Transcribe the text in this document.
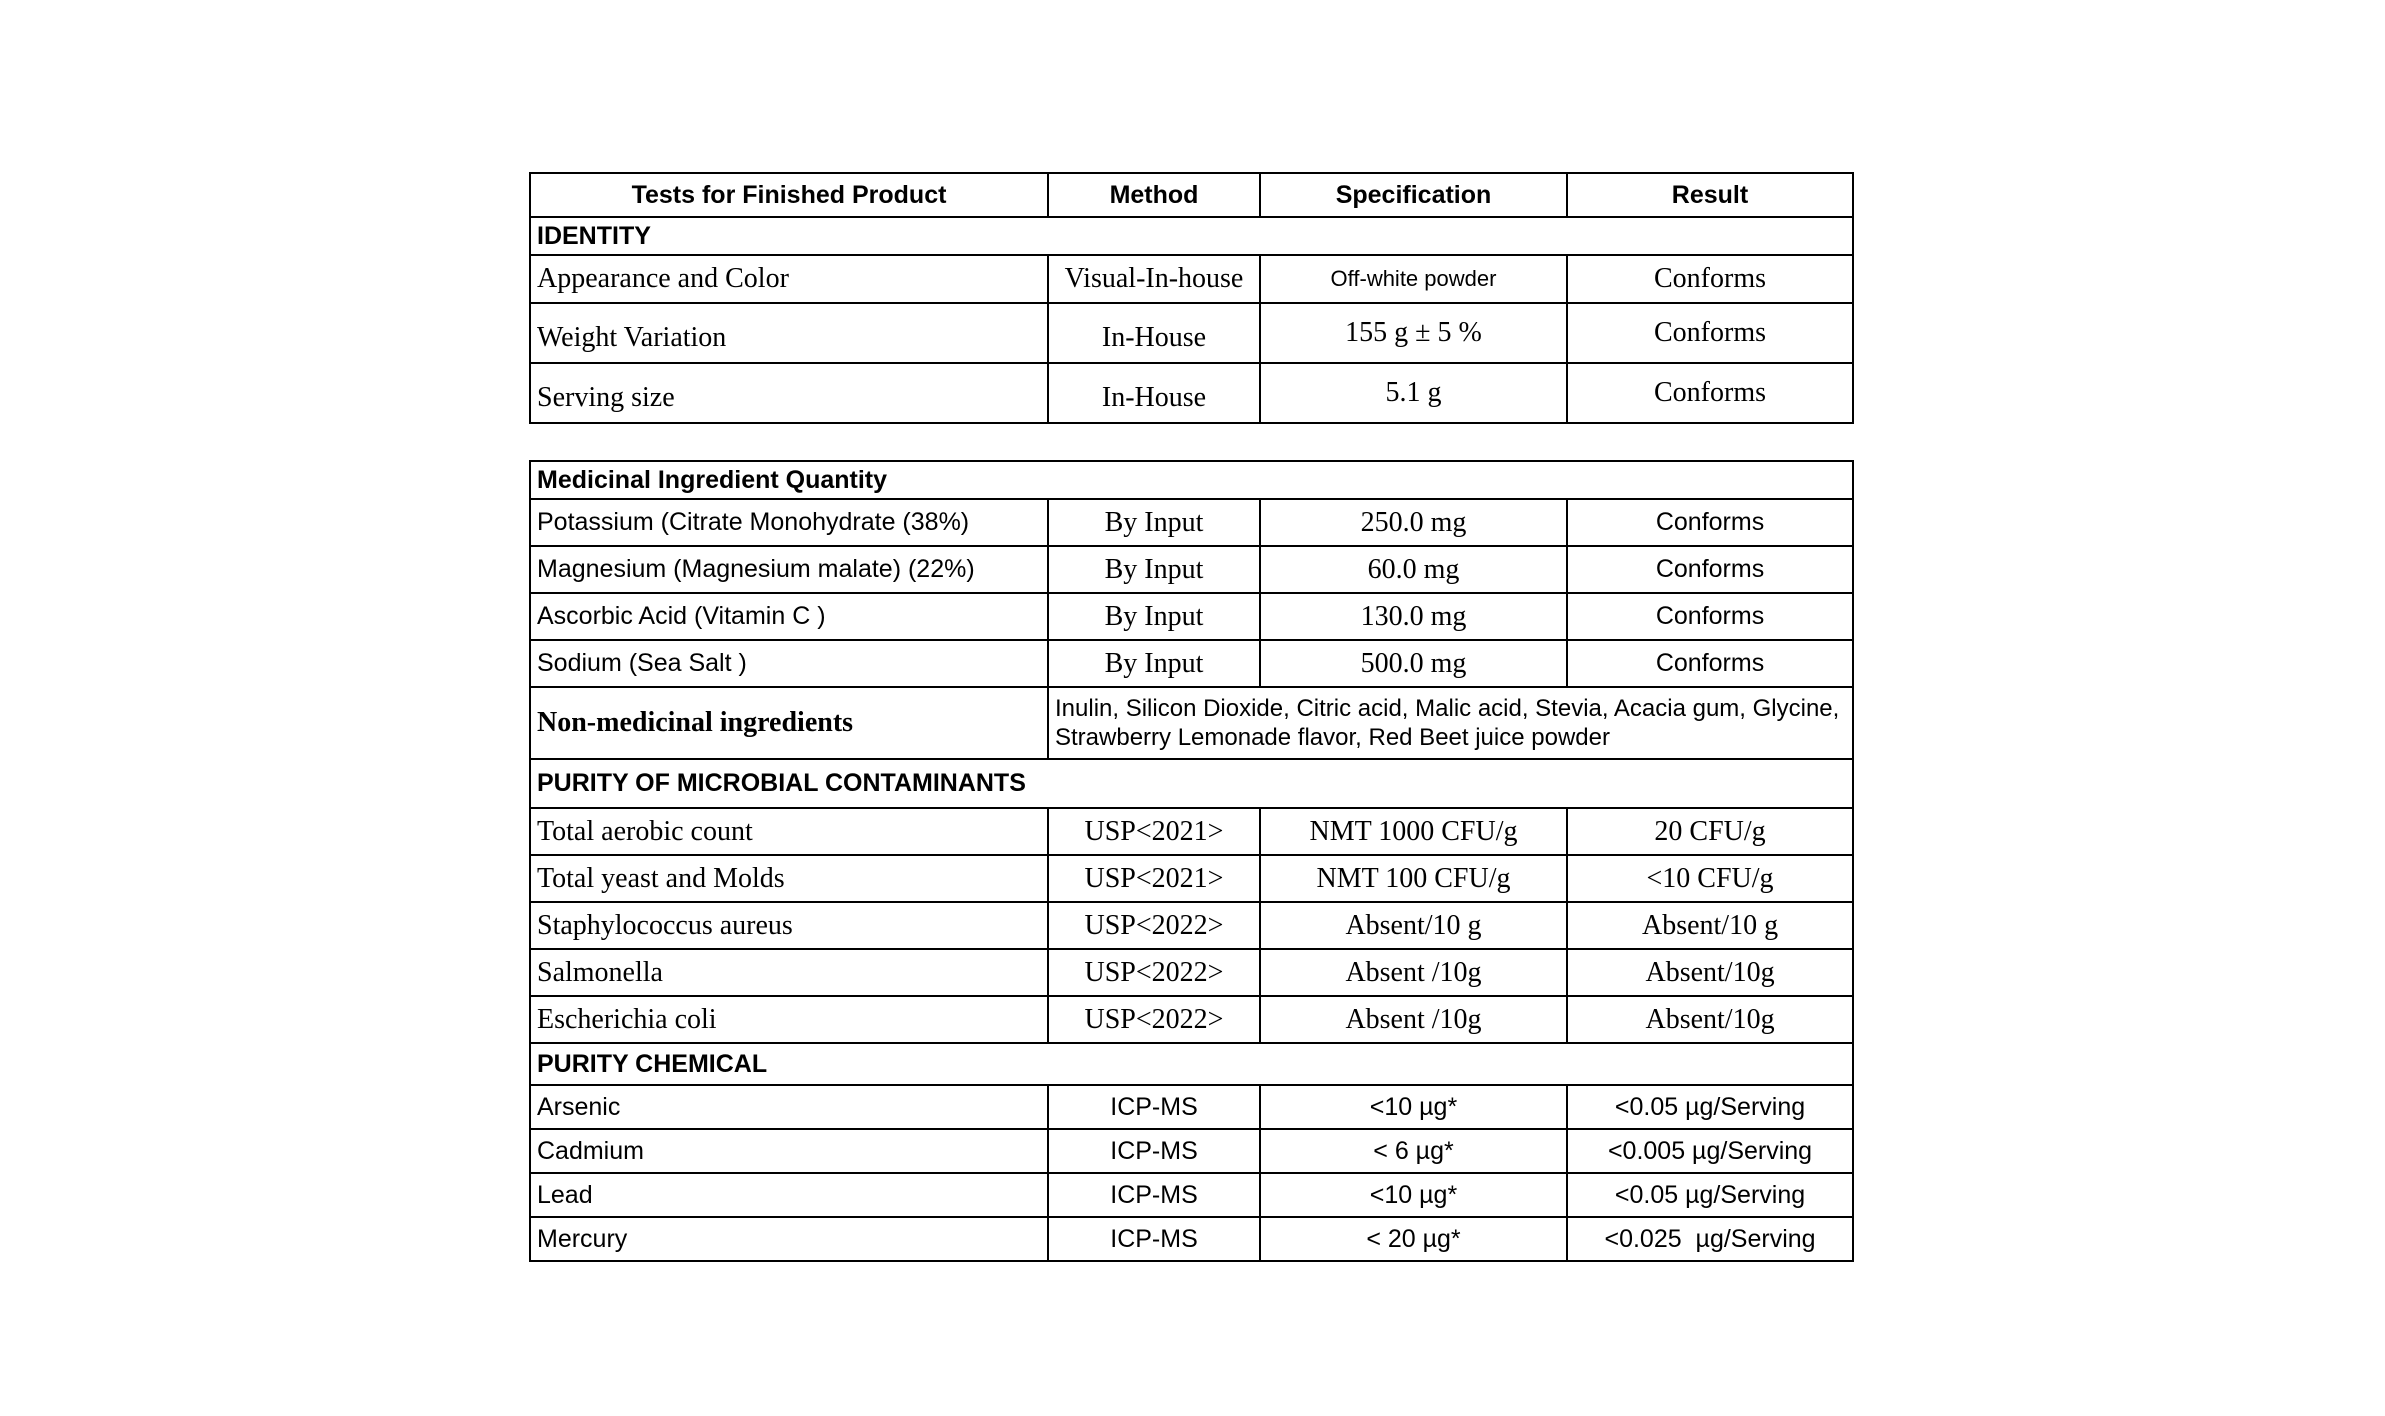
Tests for Finished Product	Method	Specification	Result
IDENTITY			
Appearance and Color	Visual-In-house	Off-white powder	Conforms
Weight Variation	In-House	155 g ± 5 %	Conforms
Serving size	In-House	5.1 g	Conforms
Medicinal Ingredient Quantity			
Potassium (Citrate Monohydrate (38%)	By Input	250.0 mg	Conforms
Magnesium (Magnesium malate) (22%)	By Input	60.0 mg	Conforms
Ascorbic Acid (Vitamin C )	By Input	130.0 mg	Conforms
Sodium (Sea Salt )	By Input	500.0 mg	Conforms
Non-medicinal ingredients	Inulin, Silicon Dioxide, Citric acid, Malic acid, Stevia, Acacia gum, Glycine, Strawberry Lemonade flavor, Red Beet juice powder		
PURITY OF MICROBIAL CONTAMINANTS			
Total aerobic count	USP<2021>	NMT 1000 CFU/g	20 CFU/g
Total yeast and Molds	USP<2021>	NMT 100 CFU/g	<10 CFU/g
Staphylococcus aureus	USP<2022>	Absent/10 g	Absent/10 g
Salmonella	USP<2022>	Absent /10g	Absent/10g
Escherichia coli	USP<2022>	Absent /10g	Absent/10g
PURITY CHEMICAL			
Arsenic	ICP-MS	<10 µg*	<0.05 µg/Serving
Cadmium	ICP-MS	< 6 µg*	<0.005 µg/Serving
Lead	ICP-MS	<10 µg*	<0.05 µg/Serving
Mercury	ICP-MS	< 20 µg*	<0.025  µg/Serving
